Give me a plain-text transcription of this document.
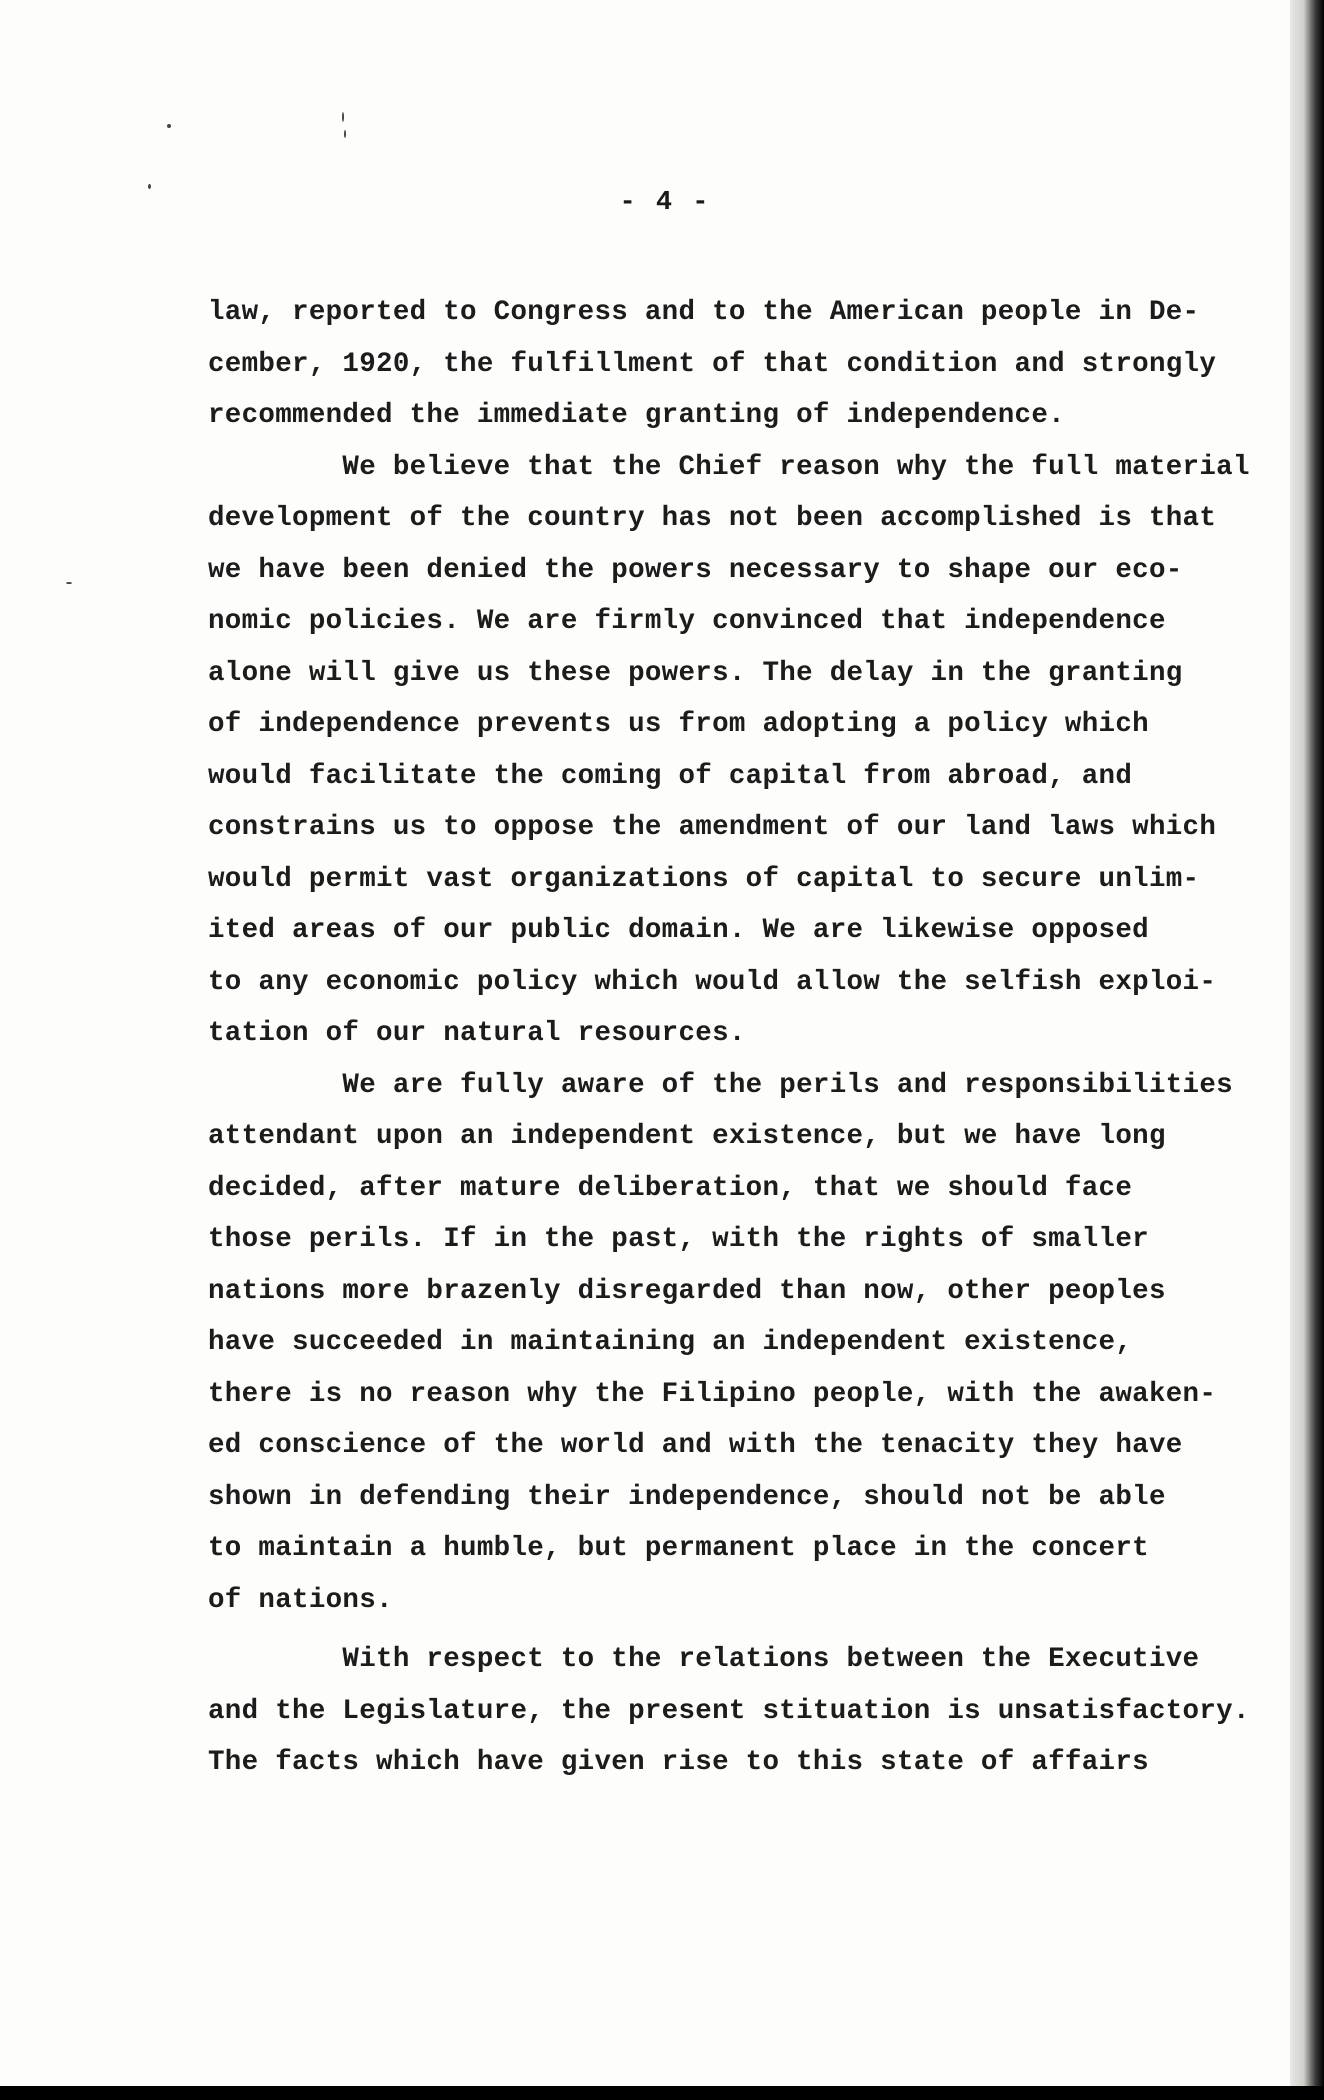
- 4 -
law, reported to Congress and to the American people in De-
cember, 1920, the fulfillment of that condition and strongly
recommended the immediate granting of independence.
We believe that the Chief reason why the full material
development of the country has not been accomplished is that
we have been denied the powers necessary to shape our eco-
nomic policies. We are firmly convinced that independence
alone will give us these powers. The delay in the granting
of independence prevents us from adopting a policy which
would facilitate the coming of capital from abroad, and
constrains us to oppose the amendment of our land laws which
would permit vast organizations of capital to secure unlim-
ited areas of our public domain. We are likewise opposed
to any economic policy which would allow the selfish exploi-
tation of our natural resources.
We are fully aware of the perils and responsibilities
attendant upon an independent existence, but we have long
decided, after mature deliberation, that we should face
those perils. If in the past, with the rights of smaller
nations more brazenly disregarded than now, other peoples
have succeeded in maintaining an independent existence,
there is no reason why the Filipino people, with the awaken-
ed conscience of the world and with the tenacity they have
shown in defending their independence, should not be able
to maintain a humble, but permanent place in the concert
of nations.
With respect to the relations between the Executive
and the Legislature, the present stituation is unsatisfactory.
The facts which have given rise to this state of affairs
